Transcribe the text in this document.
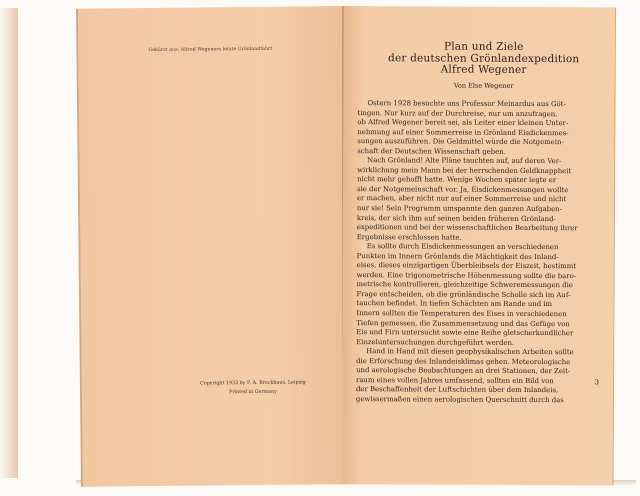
Gekürzt aus: Alfred Wegeners letzte Grönlandfahrt
Copyright 1932 by F. A. Brockhaus, Leipzig
Printed in Germany
Plan und Ziele
der deutschen Grönlandexpedition
Alfred Wegener
Von Else Wegener

Ostern 1928 besuchte uns Professor Meinardus aus Göt-

tingen. Nur kurz auf der Durchreise, nur um anzufragen,

ob Alfred Wegener bereit sei, als Leiter einer kleinen Unter-

nehmung auf einer Sommerreise in Grönland Eisdickenmes-

sungen auszuführen. Die Geldmittel würde die Notgemein-

schaft der Deutschen Wissenschaft geben.

Nach Grönland! Alte Pläne tauchten auf, auf deren Ver-

wirklichung mein Mann bei der herrschenden Geldknappheit

nicht mehr gehofft hatte. Wenige Wochen später legte er

sie der Notgemeinschaft vor. Ja, Eisdickenmessungen wollte

er machen, aber nicht nur auf einer Sommerreise und nicht

nur sie! Sein Programm umspannte den ganzen Aufgaben-

kreis, der sich ihm auf seinen beiden früheren Grönland-

expeditionen und bei der wissenschaftlichen Bearbeitung ihrer

Ergebnisse erschlossen hatte.

Es sollte durch Eisdickenmessungen an verschiedenen

Punkten im Innern Grönlands die Mächtigkeit des Inland-

eises, dieses einzigartigen Überbleibsels der Eiszeit, bestimmt

werden. Eine trigonometrische Höhenmessung sollte die baro-

metrische kontrollieren, gleichzeitige Schweremessungen die

Frage entscheiden, ob die grönländische Scholle sich im Auf-

tauchen befindet. In tiefen Schächten am Rande und im

Innern sollten die Temperaturen des Eises in verschiedenen

Tiefen gemessen, die Zusammensetzung und das Gefüge von

Eis und Firn untersucht sowie eine Reihe gletscherkundlicher

Einzeluntersuchungen durchgeführt werden.

Hand in Hand mit diesen geophysikalischen Arbeiten sollte

die Erforschung des Inlandeisklimas gehen. Meteorologische

und aerologische Beobachtungen an drei Stationen, der Zeit-

raum eines vollen Jahres umfassend, sollten ein Bild von

der Beschaffenheit der Luftschichten über dem Inlandeis,

gewissermaßen einen aerologischen Querschnitt durch das

3
